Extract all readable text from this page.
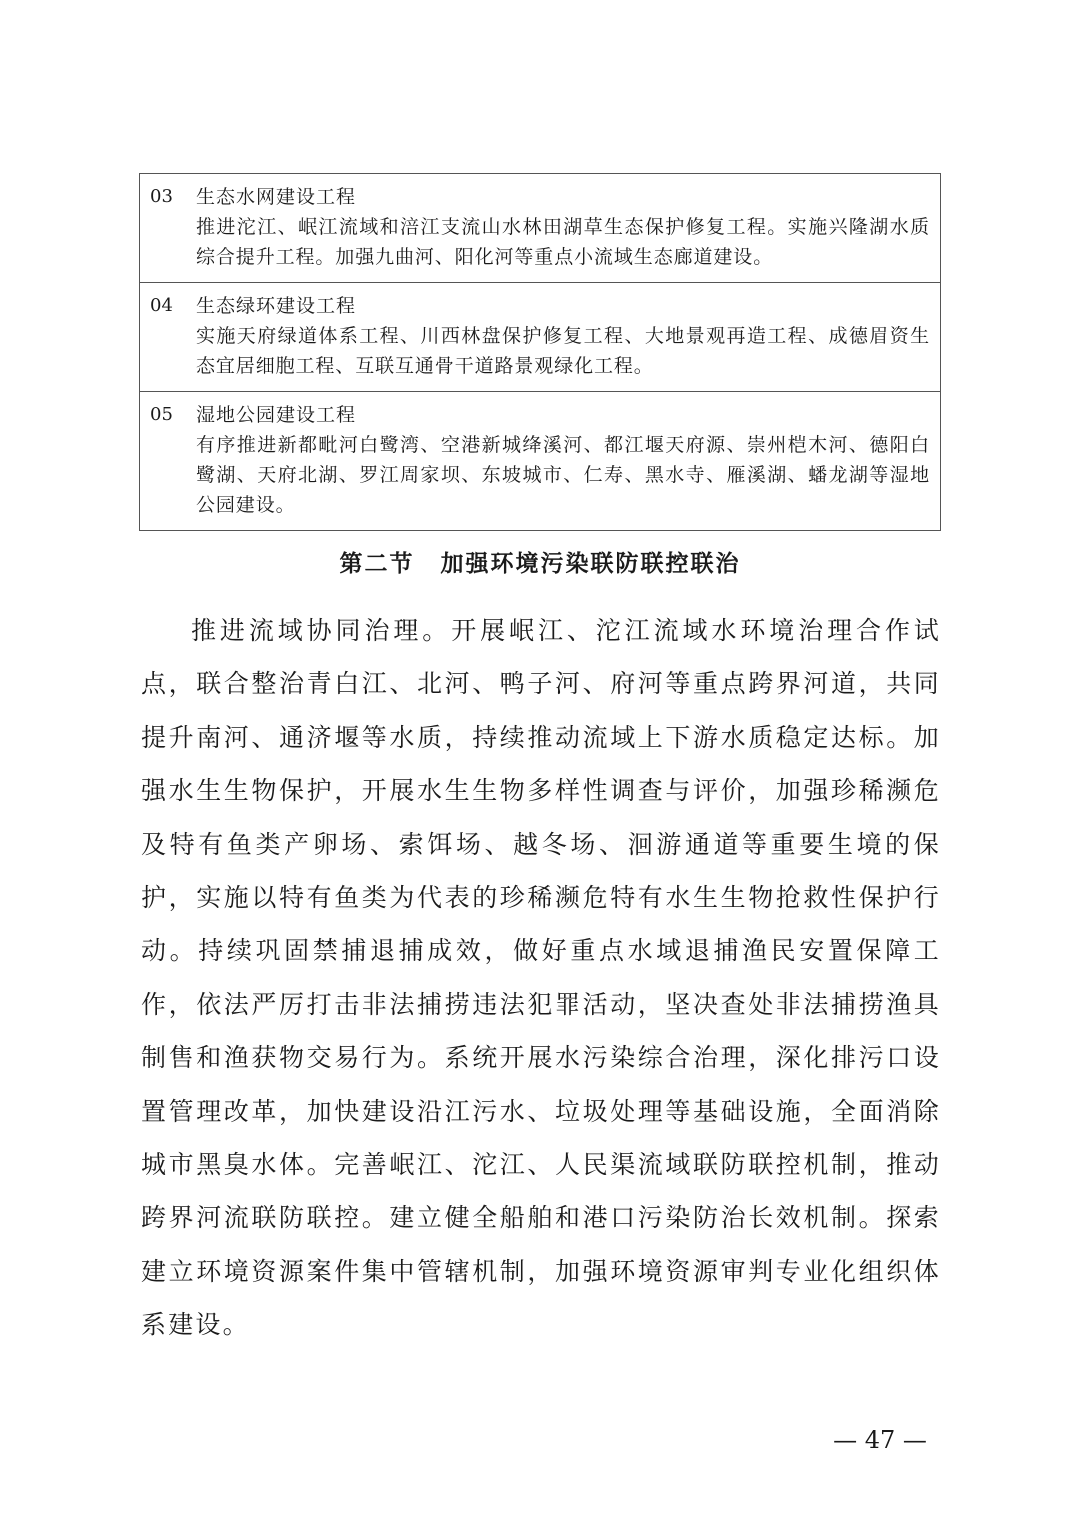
03	生态水网建设工程
推进沱江、岷江流域和涪江支流山水林田湖草生态保护修复工程。实施兴隆湖水质综合提升工程。加强九曲河、阳化河等重点小流域生态廊道建设。
04	生态绿环建设工程
实施天府绿道体系工程、川西林盘保护修复工程、大地景观再造工程、成德眉资生态宜居细胞工程、互联互通骨干道路景观绿化工程。
05	湿地公园建设工程
有序推进新都毗河白鹭湾、空港新城绛溪河、都江堰天府源、崇州桤木河、德阳白鹭湖、天府北湖、罗江周家坝、东坡城市、仁寿、黑水寺、雁溪湖、蟠龙湖等湿地公园建设。
第二节 加强环境污染联防联控联治
推进流域协同治理。开展岷江、沱江流域水环境治理合作试点，联合整治青白江、北河、鸭子河、府河等重点跨界河道，共同提升南河、通济堰等水质，持续推动流域上下游水质稳定达标。加强水生生物保护，开展水生生物多样性调查与评价，加强珍稀濒危及特有鱼类产卵场、索饵场、越冬场、洄游通道等重要生境的保护，实施以特有鱼类为代表的珍稀濒危特有水生生物抢救性保护行动。持续巩固禁捕退捕成效，做好重点水域退捕渔民安置保障工作，依法严厉打击非法捕捞违法犯罪活动，坚决查处非法捕捞渔具制售和渔获物交易行为。系统开展水污染综合治理，深化排污口设置管理改革，加快建设沿江污水、垃圾处理等基础设施，全面消除城市黑臭水体。完善岷江、沱江、人民渠流域联防联控机制，推动跨界河流联防联控。建立健全船舶和港口污染防治长效机制。探索建立环境资源案件集中管辖机制，加强环境资源审判专业化组织体系建设。
— 47 —
